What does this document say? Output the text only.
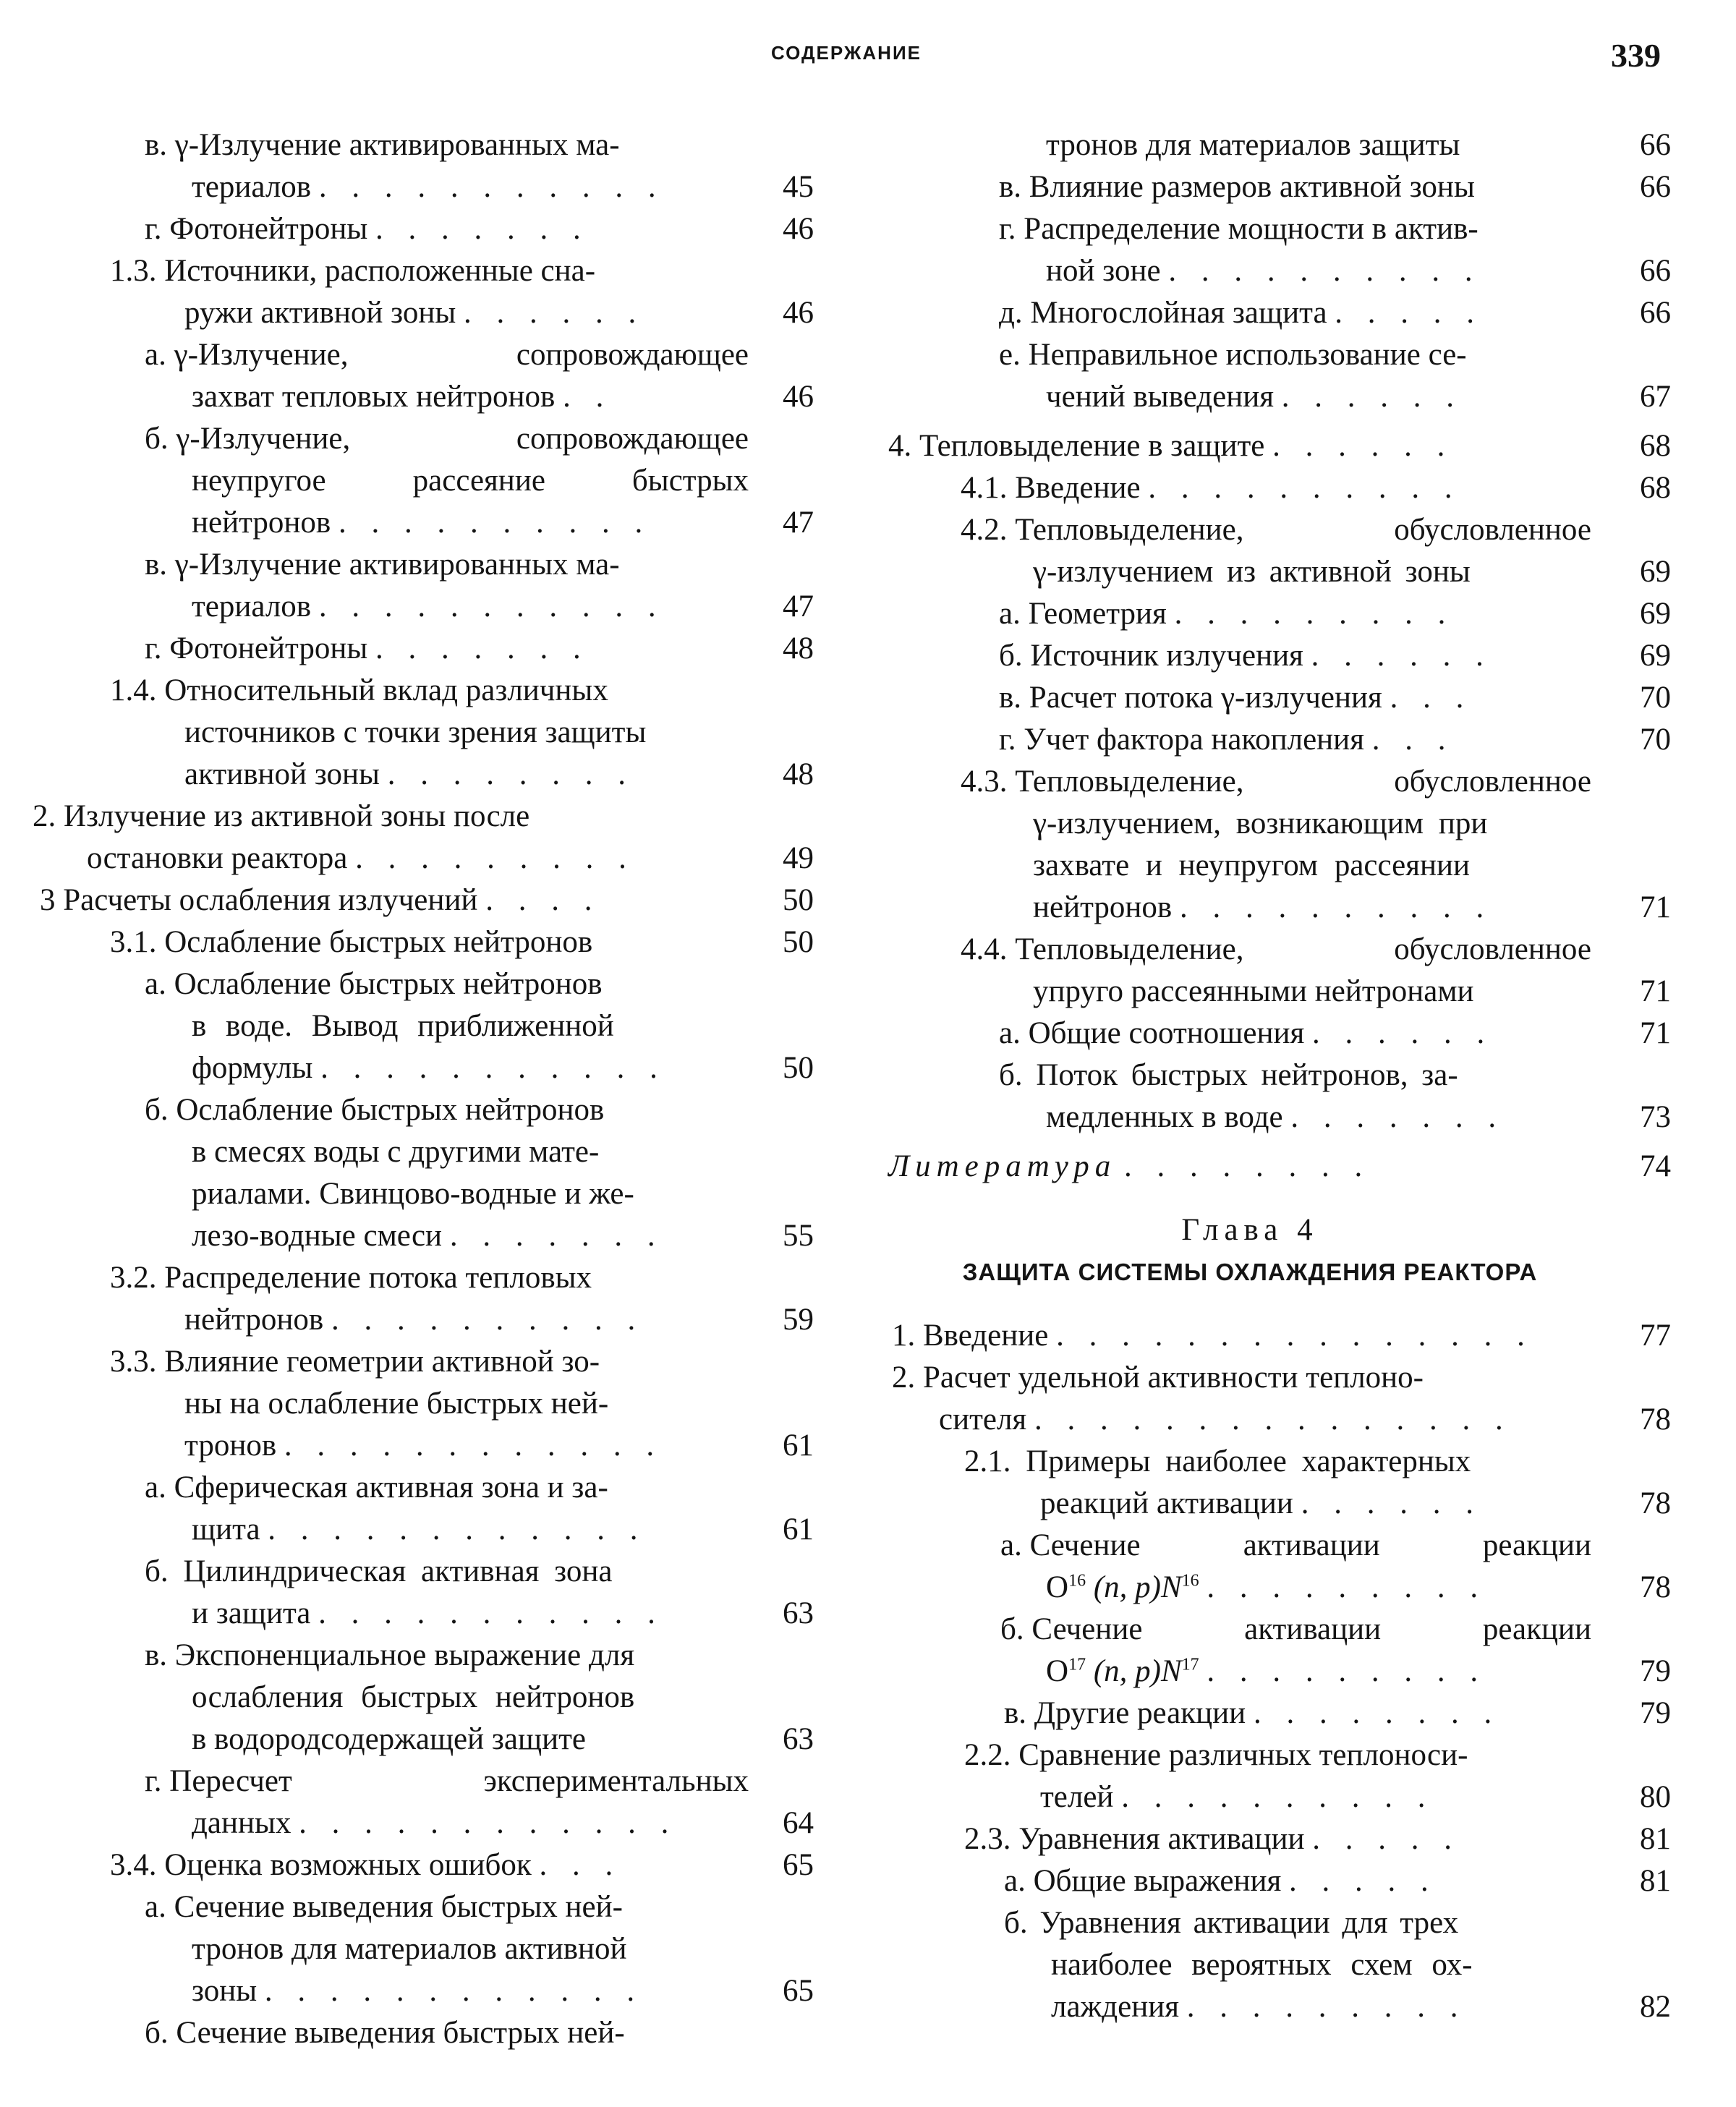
СОДЕРЖАНИЕ	339
в. γ-Излучение активированных ма-
териалов . . . . . . . . . . .	45
г. Фотонейтроны . . . . . . .	46
1.3. Источники, расположенные сна-
ружи активной зоны . . . . . .	46
а. γ-Излучение,	сопровождающее
захват тепловых нейтронов . .	46
б. γ-Излучение,	сопровождающее
неупругое	рассеяние	быстрых
нейтронов . . . . . . . . . .	47
в. γ-Излучение активированных ма-
териалов . . . . . . . . . . .	47
г. Фотонейтроны . . . . . . .	48
1.4. Относительный вклад различных
источников с точки зрения защиты
активной зоны . . . . . . . .	48
2. Излучение из активной зоны после
остановки реактора . . . . . . . . .	49
3 Расчеты ослабления излучений . . . .	50
3.1. Ослабление быстрых нейтронов	50
а. Ослабление быстрых нейтронов
в воде. Вывод приближенной
формулы . . . . . . . . . . .	50
б. Ослабление быстрых нейтронов
в смесях воды с другими мате-
риалами. Свинцово-водные и же-
лезо-водные смеси . . . . . . .	55
3.2. Распределение потока тепловых
нейтронов . . . . . . . . . .	59
3.3. Влияние геометрии активной зо-
ны на ослабление быстрых ней-
тронов . . . . . . . . . . . .	61
а. Сферическая активная зона и за-
щита . . . . . . . . . . . .	61
б. Цилиндрическая активная зона
и защита . . . . . . . . . . .	63
в. Экспоненциальное выражение для
ослабления быстрых нейтронов
в водородсодержащей защите	63
г. Пересчет	экспериментальных
данных . . . . . . . . . . . .	64
3.4. Оценка возможных ошибок . . .	65
а. Сечение выведения быстрых ней-
тронов для материалов активной
зоны . . . . . . . . . . . .	65
б. Сечение выведения быстрых ней-
тронов для материалов защиты	66
в. Влияние размеров активной зоны	66
г. Распределение мощности в актив-
ной зоне . . . . . . . . . .	66
д. Многослойная защита . . . . .	66
е. Неправильное использование се-
чений выведения . . . . . .	67
4. Тепловыделение в защите . . . . . .	68
4.1. Введение . . . . . . . . . .	68
4.2. Тепловыделение,	обусловленное
γ-излучением из активной зоны	69
а. Геометрия . . . . . . . . .	69
б. Источник излучения . . . . . .	69
в. Расчет потока γ-излучения . . .	70
г. Учет фактора накопления . . .	70
4.3. Тепловыделение,	обусловленное
γ-излучением, возникающим при
захвате и неупругом рассеянии
нейтронов . . . . . . . . . .	71
4.4. Тепловыделение,	обусловленное
упруго рассеянными нейтронами	71
а. Общие соотношения . . . . . .	71
б. Поток быстрых нейтронов, за-
медленных в воде . . . . . . .	73
Литература . . . . . . . .	74
Глава 4
ЗАЩИТА СИСТЕМЫ ОХЛАЖДЕНИЯ РЕАКТОРА
1. Введение . . . . . . . . . . . . . . .	77
2. Расчет удельной активности теплоно-
сителя . . . . . . . . . . . . . . .	78
2.1. Примеры наиболее характерных
реакций активации . . . . . .	78
а. Сечение	активации	реакции
$O^{16}$ (n, $p)N^{16}$ . . . . . . . . .	78
б. Сечение	активации	реакции
$O^{17}$ (n, $p)N^{17}$ . . . . . . . . .	79
в. Другие реакции . . . . . . . .	79
2.2. Сравнение различных теплоноси-
телей . . . . . . . . . .	80
2.3. Уравнения активации . . . . .	81
а. Общие выражения . . . . .	81
б. Уравнения активации для трех
наиболее вероятных схем ох-
лаждения . . . . . . . . .	82
